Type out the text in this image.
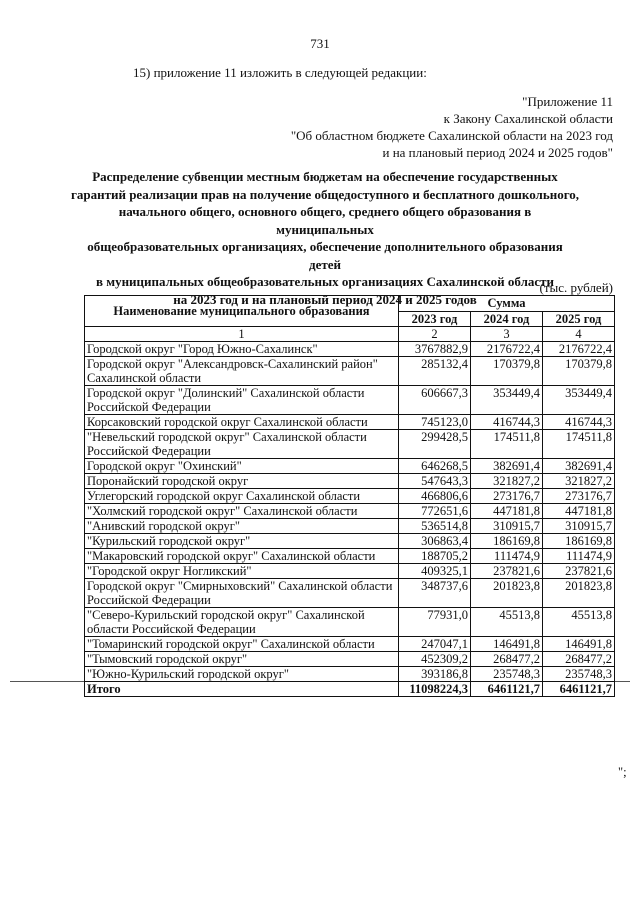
731
15) приложение 11 изложить в следующей редакции:
"Приложение 11
к Закону Сахалинской области
"Об областном бюджете Сахалинской области на 2023 год
и на плановый период 2024 и 2025 годов"
Распределение субвенции местным бюджетам на обеспечение государственных
гарантий реализации прав на получение общедоступного и бесплатного дошкольного,
начального общего, основного общего, среднего общего образования в муниципальных
общеобразовательных организациях, обеспечение дополнительного образования детей
в муниципальных общеобразовательных организациях Сахалинской области
на 2023 год и на плановый период 2024 и 2025 годов
(тыс. рублей)
Наименование муниципального образования	Сумма		
	2023 год	2024 год	2025 год
1	2	3	4
Городской округ "Город Южно-Сахалинск"	3767882,9	2176722,4	2176722,4
Городской округ "Александровск-Сахалинский район" Сахалинской области	285132,4	170379,8	170379,8
Городской округ "Долинский" Сахалинской области Российской Федерации	606667,3	353449,4	353449,4
Корсаковский городской округ Сахалинской области	745123,0	416744,3	416744,3
"Невельский городской округ" Сахалинской области Российской Федерации	299428,5	174511,8	174511,8
Городской округ "Охинский"	646268,5	382691,4	382691,4
Поронайский городской округ	547643,3	321827,2	321827,2
Углегорский городской округ Сахалинской области	466806,6	273176,7	273176,7
"Холмский городской округ" Сахалинской области	772651,6	447181,8	447181,8
"Анивский городской округ"	536514,8	310915,7	310915,7
"Курильский городской округ"	306863,4	186169,8	186169,8
"Макаровский городской округ" Сахалинской области	188705,2	111474,9	111474,9
"Городской округ Ногликский"	409325,1	237821,6	237821,6
Городской округ "Смирныховский" Сахалинской области Российской Федерации	348737,6	201823,8	201823,8
"Северо-Курильский городской округ" Сахалинской области Российской Федерации	77931,0	45513,8	45513,8
"Томаринский городской округ" Сахалинской области	247047,1	146491,8	146491,8
"Тымовский городской округ"	452309,2	268477,2	268477,2
"Южно-Курильский городской округ"	393186,8	235748,3	235748,3
Итого	11098224,3	6461121,7	6461121,7
";
